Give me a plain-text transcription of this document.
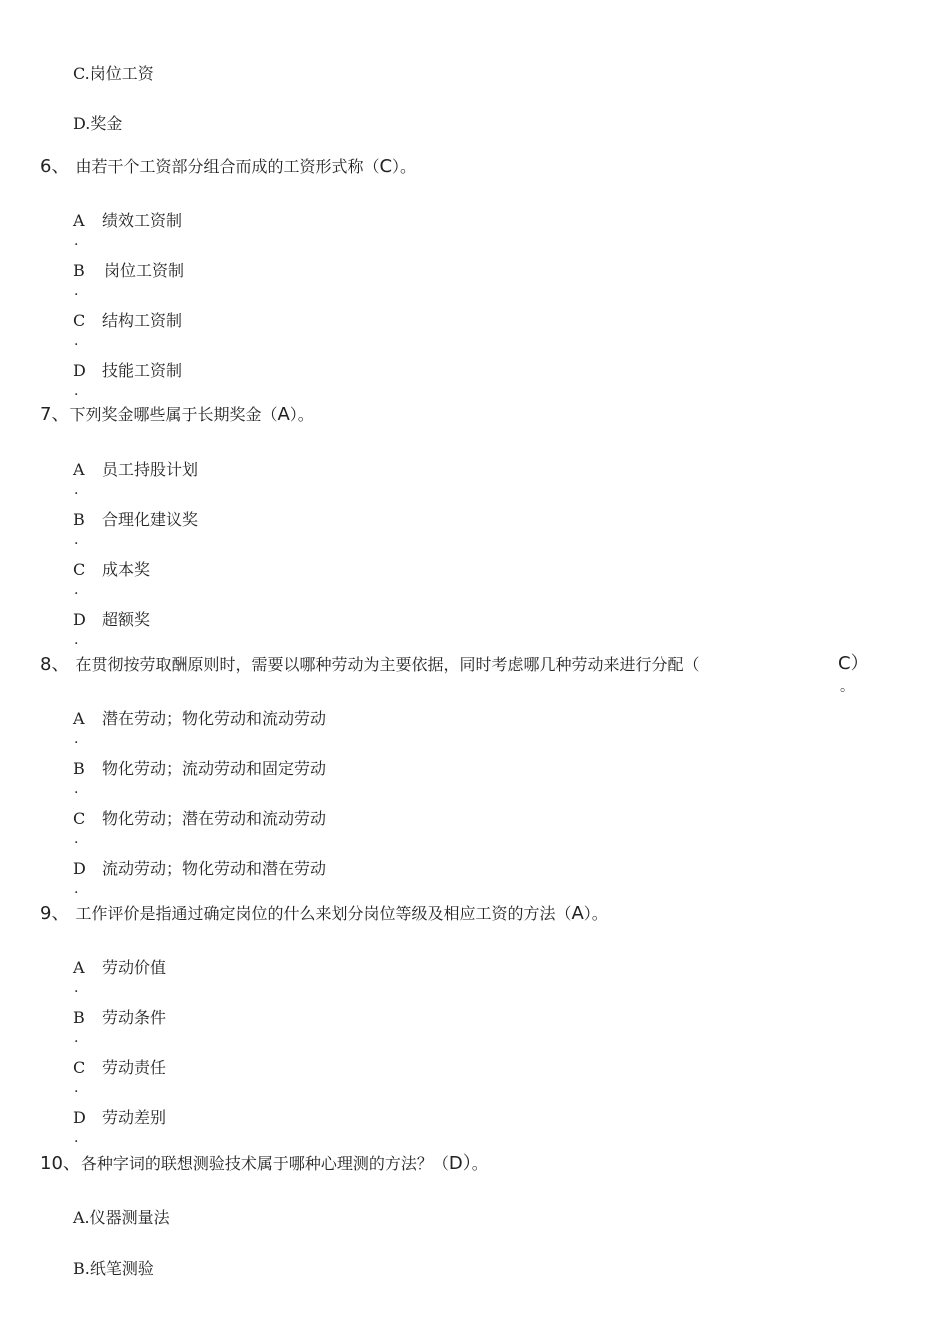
C.岗位工资
D.奖金
6、 由若干个工资部分组合而成的工资形式称（C）。
A
.
绩效工资制
B
.
岗位工资制
C
.
结构工资制
D
.
技能工资制
7、下列奖金哪些属于长期奖金（A）。
A
.
员工持股计划
B
.
合理化建议奖
C
.
成本奖
D
.
超额奖
8、 在贯彻按劳取酬原则时，需要以哪种劳动为主要依据，同时考虑哪几种劳动来进行分配（	C）
。
A
.
潜在劳动；物化劳动和流动劳动
B
.
物化劳动；流动劳动和固定劳动
C
.
物化劳动；潜在劳动和流动劳动
D
.
流动劳动；物化劳动和潜在劳动
9、 工作评价是指通过确定岗位的什么来划分岗位等级及相应工资的方法（A）。
A
.
劳动价值
B
.
劳动条件
C
.
劳动责任
D
.
劳动差别
10、各种字词的联想测验技术属于哪种心理测的方法？（D）。
A.仪器测量法
B.纸笔测验
